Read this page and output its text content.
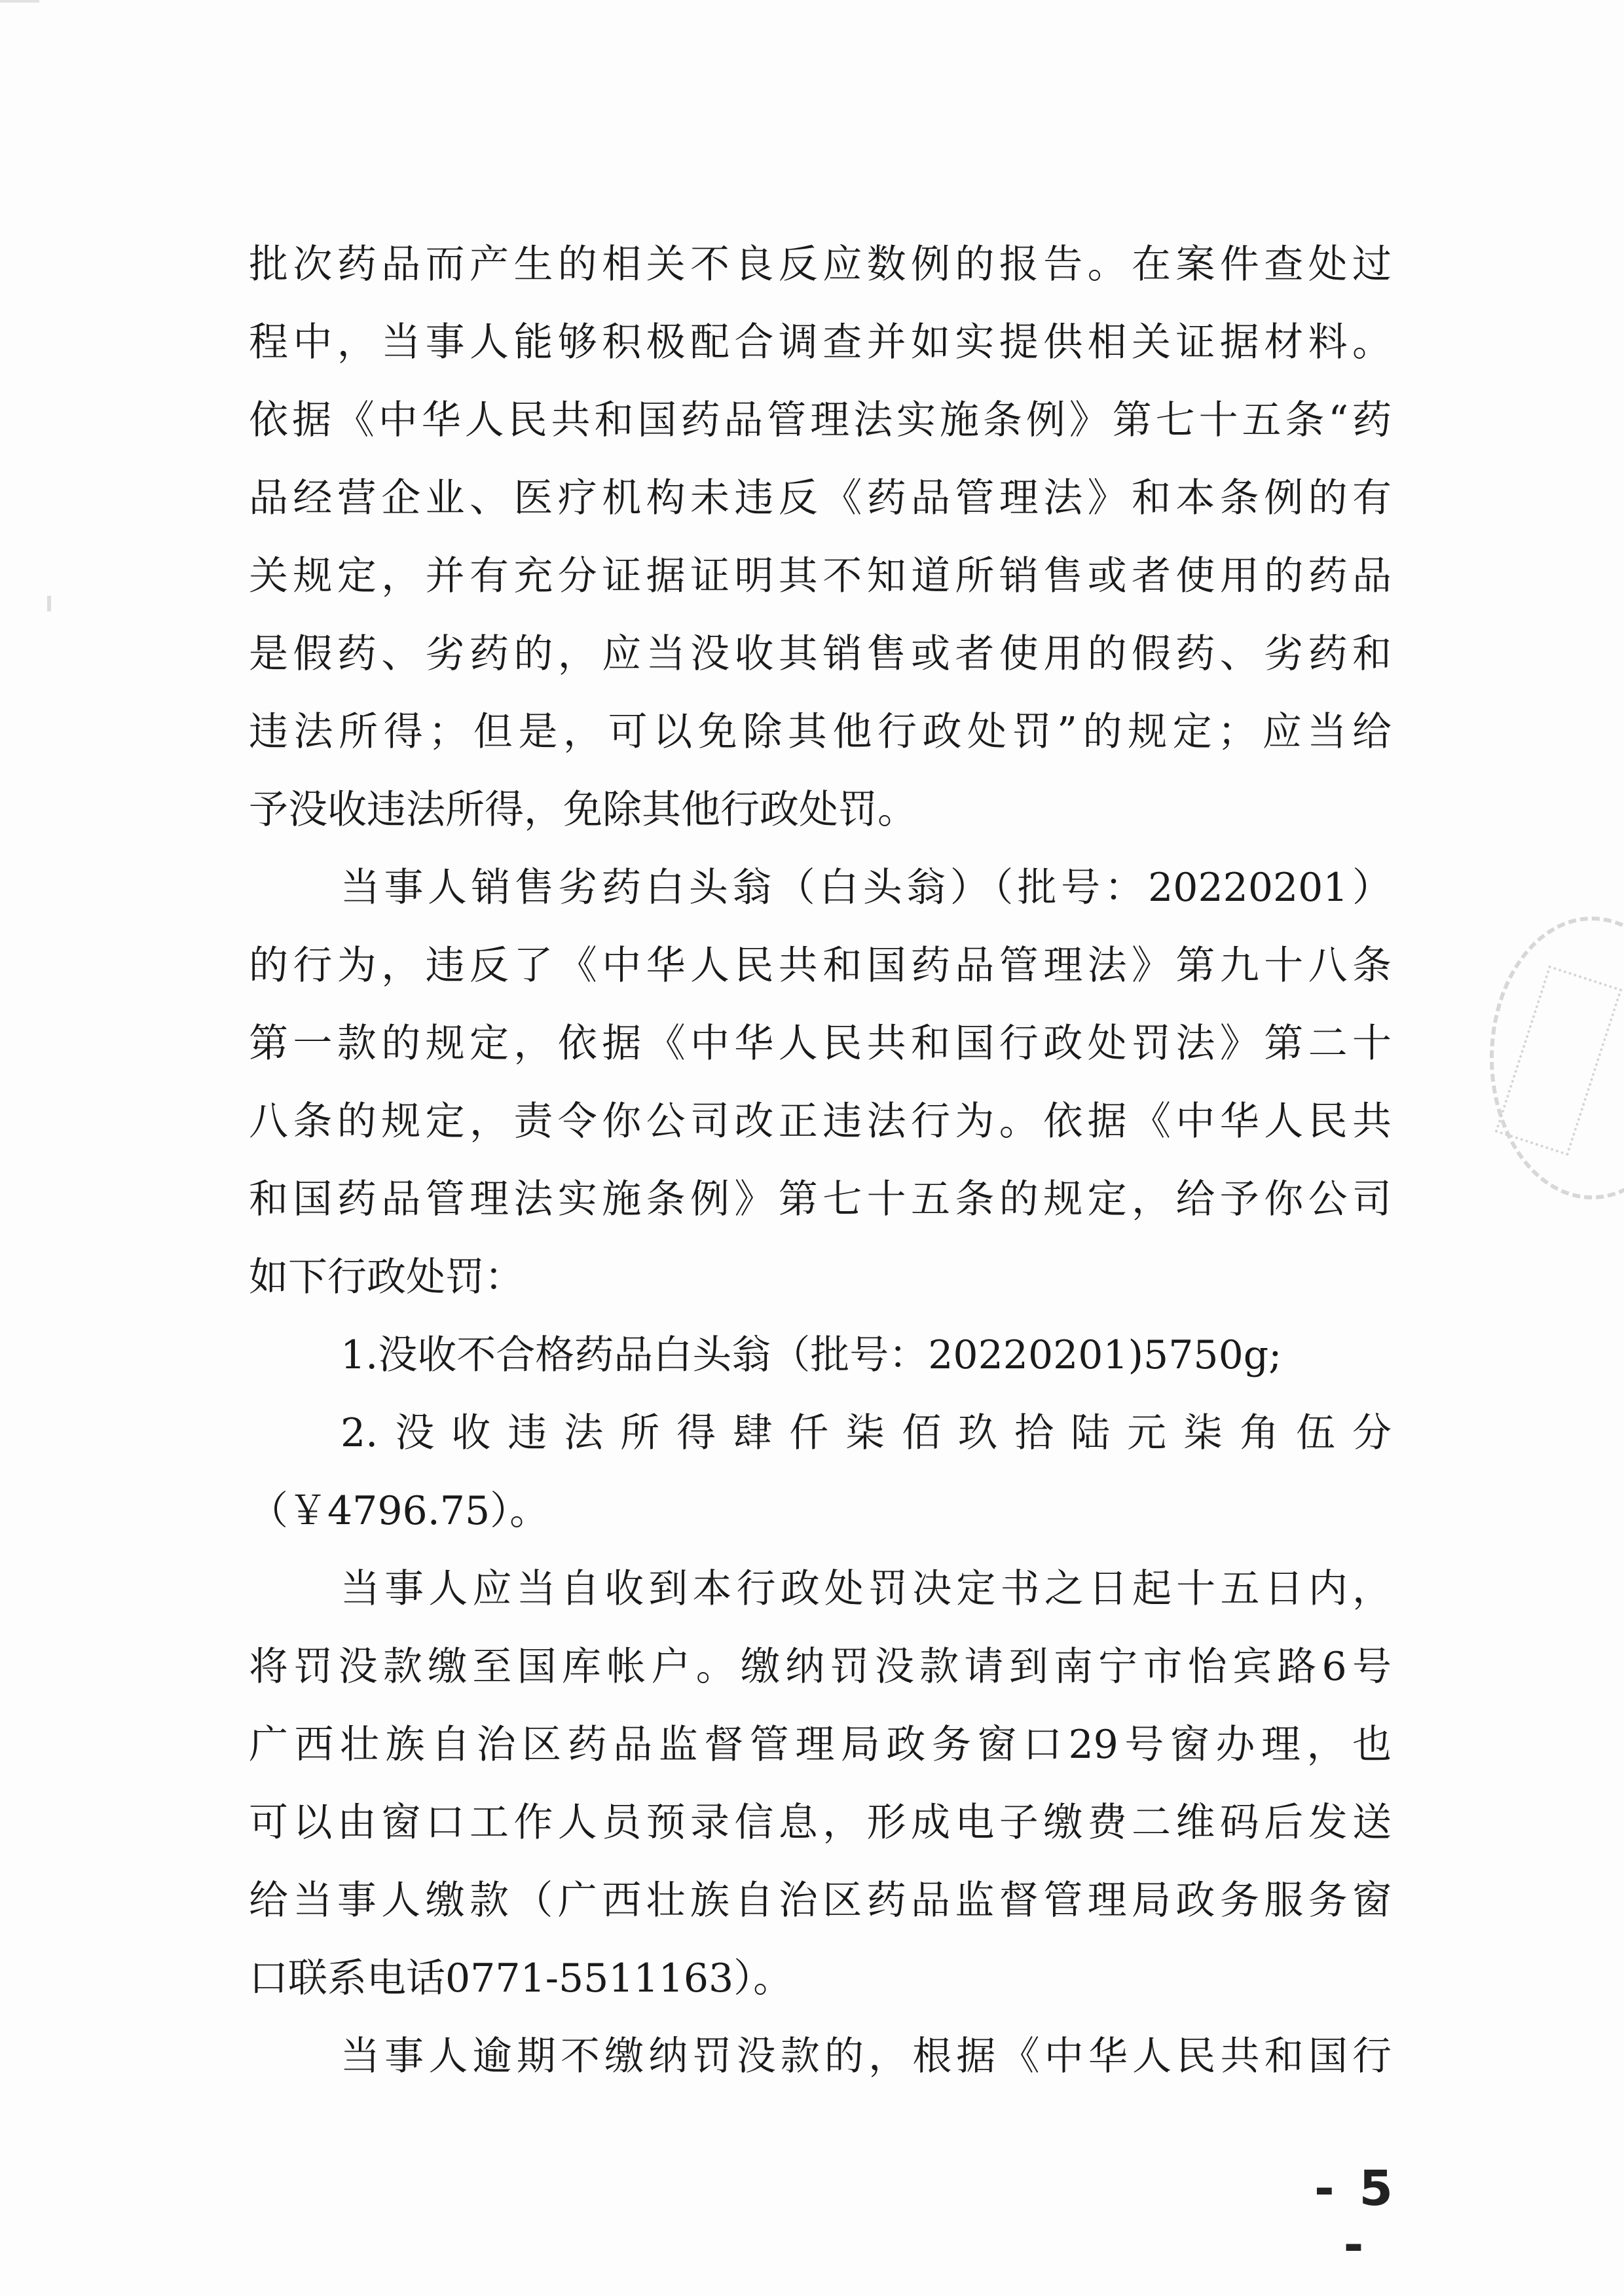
批次药品而产生的相关不良反应数例的报告。在案件查处过
程中，当事人能够积极配合调查并如实提供相关证据材料。
依据《中华人民共和国药品管理法实施条例》第七十五条“药
品经营企业、医疗机构未违反《药品管理法》和本条例的有
关规定，并有充分证据证明其不知道所销售或者使用的药品
是假药、劣药的，应当没收其销售或者使用的假药、劣药和
违法所得；但是，可以免除其他行政处罚”的规定；应当给
予没收违法所得，免除其他行政处罚。
当事人销售劣药白头翁（白头翁）（批号：20220201）
的行为，违反了《中华人民共和国药品管理法》第九十八条
第一款的规定，依据《中华人民共和国行政处罚法》第二十
八条的规定，责令你公司改正违法行为。依据《中华人民共
和国药品管理法实施条例》第七十五条的规定，给予你公司
如下行政处罚：
1.没收不合格药品白头翁（批号：20220201)5750g;
2.没收违法所得肆仟柒佰玖拾陆元柒角伍分
（￥4796.75）。
当事人应当自收到本行政处罚决定书之日起十五日内，
将罚没款缴至国库帐户。缴纳罚没款请到南宁市怡宾路6号
广西壮族自治区药品监督管理局政务窗口29号窗办理，也
可以由窗口工作人员预录信息，形成电子缴费二维码后发送
给当事人缴款（广西壮族自治区药品监督管理局政务服务窗
口联系电话0771-5511163）。
当事人逾期不缴纳罚没款的，根据《中华人民共和国行
- 5 -
